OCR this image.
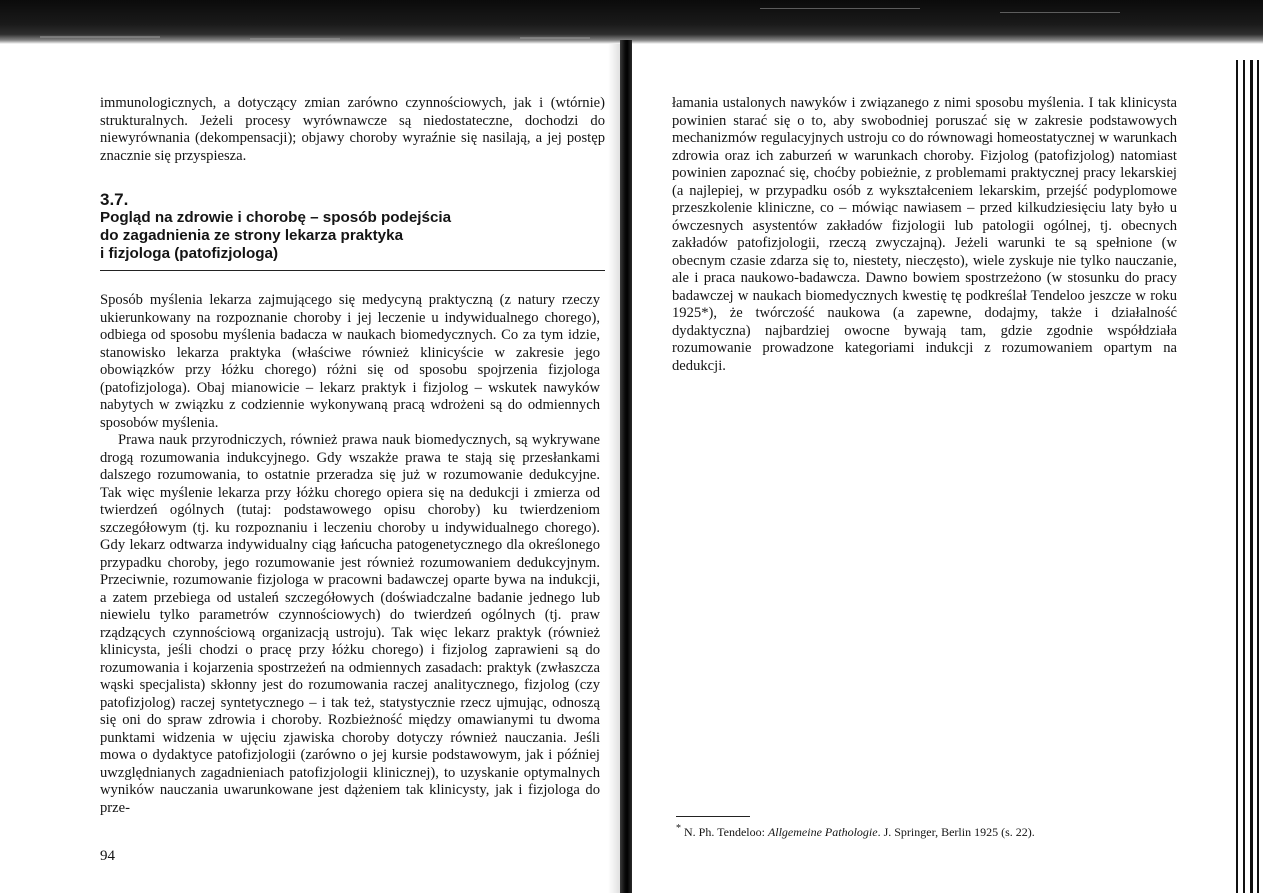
immunologicznych, a dotyczący zmian zarówno czynnościowych, jak i (wtórnie) strukturalnych. Jeżeli procesy wyrównawcze są niedostateczne, dochodzi do niewyrównania (dekompensacji); objawy choroby wyraźnie się nasilają, a jej postęp znacznie się przyspiesza.

3.7.
Pogląd na zdrowie i chorobę – sposób podejścia
do zagadnienia ze strony lekarza praktyka
i fizjologa (patofizjologa)

Sposób myślenia lekarza zajmującego się medycyną praktyczną (z natury rzeczy ukierunkowany na rozpoznanie choroby i jej leczenie u indywidualnego chorego), odbiega od sposobu myślenia badacza w naukach biomedycznych. Co za tym idzie, stanowisko lekarza praktyka (właściwe również klinicyście w zakresie jego obowiązków przy łóżku chorego) różni się od sposobu spojrzenia fizjologa (patofizjologa). Obaj mianowicie – lekarz praktyk i fizjolog – wskutek nawyków nabytych w związku z codziennie wykonywaną pracą wdrożeni są do odmiennych sposobów myślenia.

Prawa nauk przyrodniczych, również prawa nauk biomedycznych, są wykrywane drogą rozumowania indukcyjnego. Gdy wszakże prawa te stają się przesłankami dalszego rozumowania, to ostatnie przeradza się już w rozumowanie dedukcyjne. Tak więc myślenie lekarza przy łóżku chorego opiera się na dedukcji i zmierza od twierdzeń ogólnych (tutaj: podstawowego opisu choroby) ku twierdzeniom szczegółowym (tj. ku rozpoznaniu i leczeniu choroby u indywidualnego chorego). Gdy lekarz odtwarza indywidualny ciąg łańcucha patogenetycznego dla określonego przypadku choroby, jego rozumowanie jest również rozumowaniem dedukcyjnym. Przeciwnie, rozumowanie fizjologa w pracowni badawczej oparte bywa na indukcji, a zatem przebiega od ustaleń szczegółowych (doświadczalne badanie jednego lub niewielu tylko parametrów czynnościowych) do twierdzeń ogólnych (tj. praw rządzących czynnościową organizacją ustroju). Tak więc lekarz praktyk (również klinicysta, jeśli chodzi o pracę przy łóżku chorego) i fizjolog zaprawieni są do rozumowania i kojarzenia spostrzeżeń na odmiennych zasadach: praktyk (zwłaszcza wąski specjalista) skłonny jest do rozumowania raczej analitycznego, fizjolog (czy patofizjolog) raczej syntetycznego – i tak też, statystycznie rzecz ujmując, odnoszą się oni do spraw zdrowia i choroby. Rozbieżność między omawianymi tu dwoma punktami widzenia w ujęciu zjawiska choroby dotyczy również nauczania. Jeśli mowa o dydaktyce patofizjologii (zarówno o jej kursie podstawowym, jak i później uwzględnianych zagadnieniach patofizjologii klinicznej), to uzyskanie optymalnych wyników nauczania uwarunkowane jest dążeniem tak klinicysty, jak i fizjologa do prze-

94

łamania ustalonych nawyków i związanego z nimi sposobu myślenia. I tak klinicysta powinien starać się o to, aby swobodniej poruszać się w zakresie podstawowych mechanizmów regulacyjnych ustroju co do równowagi homeostatycznej w warunkach zdrowia oraz ich zaburzeń w warunkach choroby. Fizjolog (patofizjolog) natomiast powinien zapoznać się, choćby pobieżnie, z problemami praktycznej pracy lekarskiej (a najlepiej, w przypadku osób z wykształceniem lekarskim, przejść podyplomowe przeszkolenie kliniczne, co – mówiąc nawiasem – przed kilkudziesięciu laty było u ówczesnych asystentów zakładów fizjologii lub patologii ogólnej, tj. obecnych zakładów patofizjologii, rzeczą zwyczajną). Jeżeli warunki te są spełnione (w obecnym czasie zdarza się to, niestety, nieczęsto), wiele zyskuje nie tylko nauczanie, ale i praca naukowo-badawcza. Dawno bowiem spostrzeżono (w stosunku do pracy badawczej w naukach biomedycznych kwestię tę podkreślał Tendeloo jeszcze w roku 1925*), że twórczość naukowa (a zapewne, dodajmy, także i działalność dydaktyczna) najbardziej owocne bywają tam, gdzie zgodnie współdziała rozumowanie prowadzone kategoriami indukcji z rozumowaniem opartym na dedukcji.

* N. Ph. Tendeloo: Allgemeine Pathologie. J. Springer, Berlin 1925 (s. 22).
